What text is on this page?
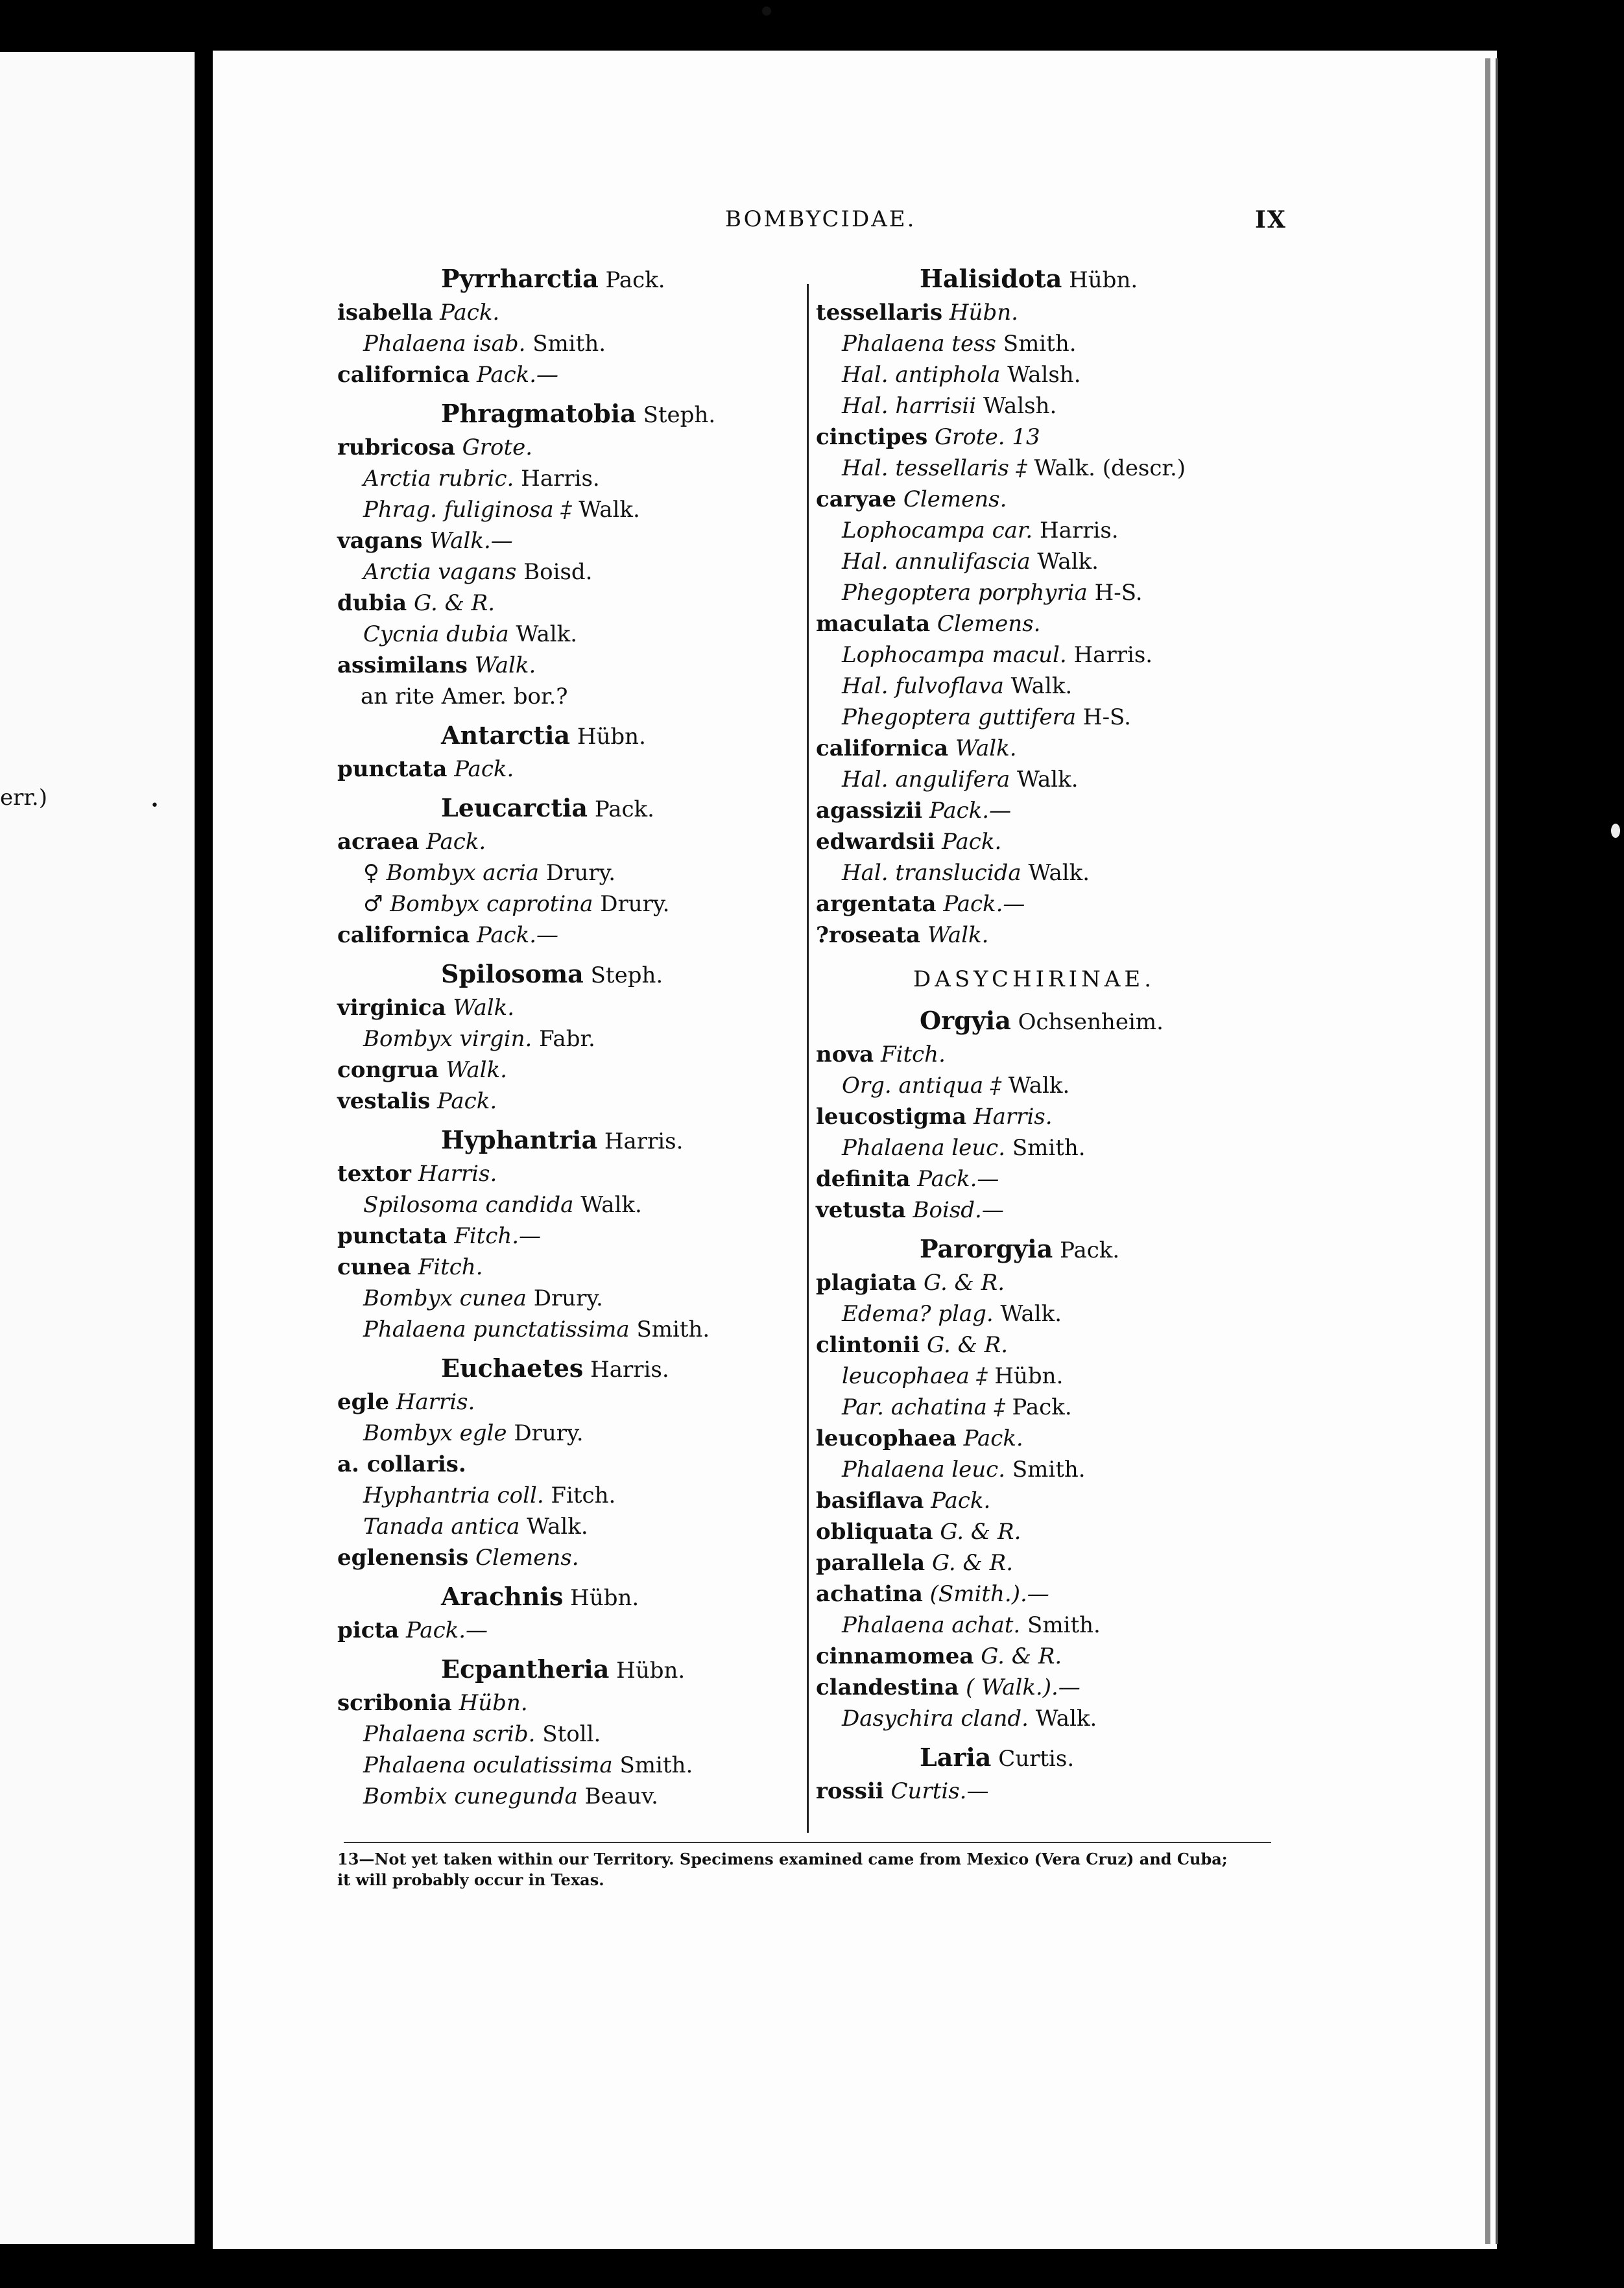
err.)	•
BOMBYCIDAE.	IX
Pyrrharctia Pack.
isabella Pack.
Phalaena isab. Smith.
californica Pack.—
Phragmatobia Steph.
rubricosa Grote.
Arctia rubric. Harris.
Phrag. fuliginosa ‡ Walk.
vagans Walk.—
Arctia vagans Boisd.
dubia G. & R.
Cycnia dubia Walk.
assimilans Walk.
an rite Amer. bor.?
Antarctia Hübn.
punctata Pack.
Leucarctia Pack.
acraea Pack.
♀ Bombyx acria Drury.
♂ Bombyx caprotina Drury.
californica Pack.—
Spilosoma Steph.
virginica Walk.
Bombyx virgin. Fabr.
congrua Walk.
vestalis Pack.
Hyphantria Harris.
textor Harris.
Spilosoma candida Walk.
punctata Fitch.—
cunea Fitch.
Bombyx cunea Drury.
Phalaena punctatissima Smith.
Euchaetes Harris.
egle Harris.
Bombyx egle Drury.
a. collaris.
Hyphantria coll. Fitch.
Tanada antica Walk.
eglenensis Clemens.
Arachnis Hübn.
picta Pack.—
Ecpantheria Hübn.
scribonia Hübn.
Phalaena scrib. Stoll.
Phalaena oculatissima Smith.
Bombix cunegunda Beauv.
Halisidota Hübn.
tessellaris Hübn.
Phalaena tess Smith.
Hal. antiphola Walsh.
Hal. harrisii Walsh.
cinctipes Grote. 13
Hal. tessellaris ‡ Walk. (descr.)
caryae Clemens.
Lophocampa car. Harris.
Hal. annulifascia Walk.
Phegoptera porphyria H-S.
maculata Clemens.
Lophocampa macul. Harris.
Hal. fulvoflava Walk.
Phegoptera guttifera H-S.
californica Walk.
Hal. angulifera Walk.
agassizii Pack.—
edwardsii Pack.
Hal. translucida Walk.
argentata Pack.—
?roseata Walk.
DASYCHIRINAE.
Orgyia Ochsenheim.
nova Fitch.
Org. antiqua ‡ Walk.
leucostigma Harris.
Phalaena leuc. Smith.
definita Pack.—
vetusta Boisd.—
Parorgyia Pack.
plagiata G. & R.
Edema? plag. Walk.
clintonii G. & R.
leucophaea ‡ Hübn.
Par. achatina ‡ Pack.
leucophaea Pack.
Phalaena leuc. Smith.
basiflava Pack.
obliquata G. & R.
parallela G. & R.
achatina (Smith.).—
Phalaena achat. Smith.
cinnamomea G. & R.
clandestina ( Walk.).—
Dasychira cland. Walk.
Laria Curtis.
rossii Curtis.—
13—Not yet taken within our Territory. Specimens examined came from Mexico (Vera Cruz) and Cuba;
it will probably occur in Texas.
